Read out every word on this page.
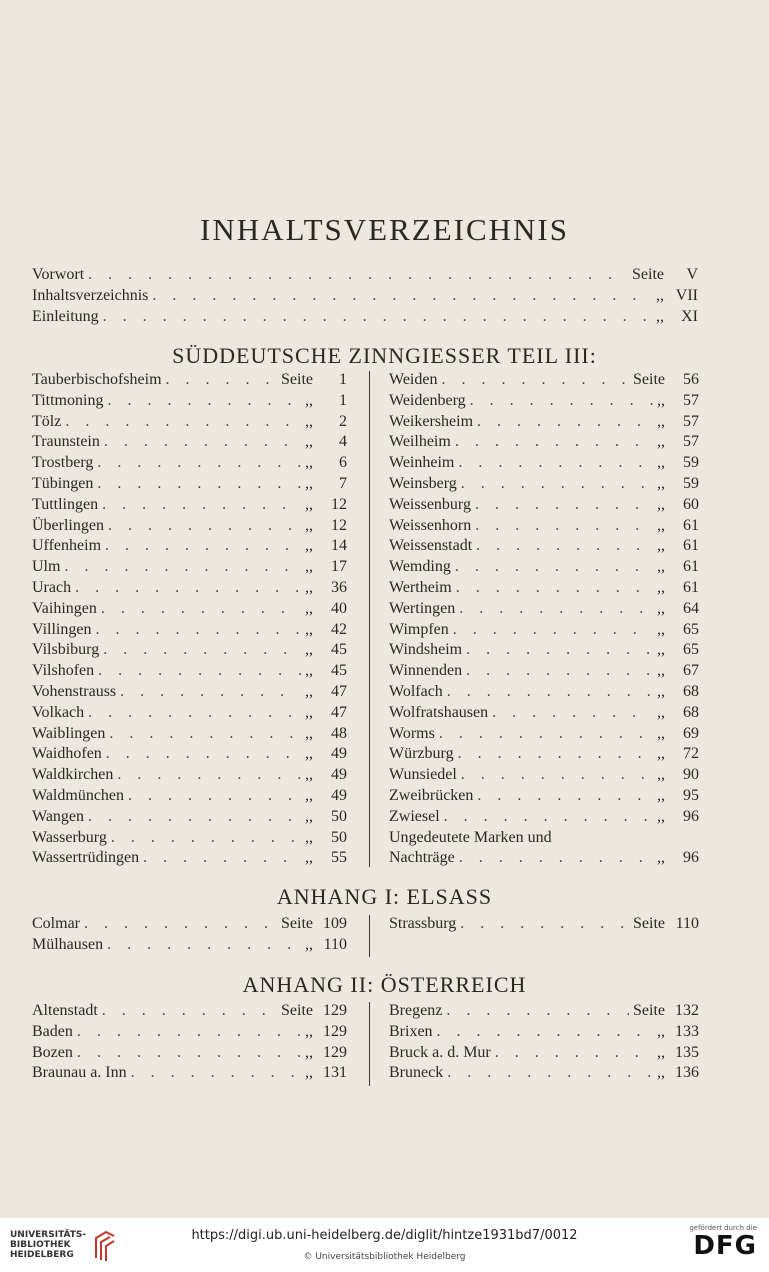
INHALTSVERZEICHNIS
Vorwort . . .	Seite	V
Inhaltsverzeichnis . . .	,, VII
Einleitung . . .	,,	XI
SÜDDEUTSCHE ZINNGIESSER TEIL III:
Tauberbischofsheim . . .	Seite	1
Tittmoning . . .	,,	1
Tölz . . .	,,	2
Traunstein . . .	,,	4
Trostberg . . .	,,	6
Tübingen . . .	,,	7
Tuttlingen . . .	,,	12
Überlingen . . .	,,	12
Uffenheim . . .	,,	14
Ulm . . .	,,	17
Urach . . .	,,	36
Vaihingen . . .	,,	40
Villingen . . .	,,	42
Vilsbiburg . . .	,,	45
Vilshofen . . .	,,	45
Vohenstrauss . . .	,,	47
Volkach . . .	,,	47
Waiblingen . . .	,,	48
Waidhofen . . .	,,	49
Waldkirchen . . .	,,	49
Waldmünchen . . .	,,	49
Wangen . . .	,,	50
Wasserburg . . .	,,	50
Wassertrüdingen . . .	,,	55
Weiden . . .	Seite	56
Weidenberg . . .	,,	57
Weikersheim . . .	,,	57
Weilheim . . .	,,	57
Weinheim . . .	,,	59
Weinsberg . . .	,,	59
Weissenburg . . .	,,	60
Weissenhorn . . .	,,	61
Weissenstadt . . .	,,	61
Wemding . . .	,,	61
Wertheim . . .	,,	61
Wertingen . . .	,,	64
Wimpfen . . .	,,	65
Windsheim . . .	,,	65
Winnenden . . .	,,	67
Wolfach . . .	,,	68
Wolfratshausen . . .	,,	68
Worms . . .	,,	69
Würzburg . . .	,,	72
Wunsiedel . . .	,,	90
Zweibrücken . . .	,,	95
Zwiesel . . .	,,	96
Ungedeutete Marken und
Nachträge . . .	,,	96
ANHANG I: ELSASS
Colmar . . .	Seite 109
Mülhausen . . .	,, 110
Strassburg . . .	Seite 110
ANHANG II: ÖSTERREICH
Altenstadt . . .	Seite 129
Baden . . .	,, 129
Bozen . . .	,, 129
Braunau a. Inn . . .	,, 131
Bregenz . . .	Seite 132
Brixen . . .	,, 133
Bruck a. d. Mur . . .	,, 135
Bruneck . . .	,, 136
UNIVERSITÄTS-
BIBLIOTHEK
HEIDELBERG
https://digi.ub.uni-heidelberg.de/diglit/hintze1931bd7/0012
© Universitätsbibliothek Heidelberg
gefördert durch die
DFG
